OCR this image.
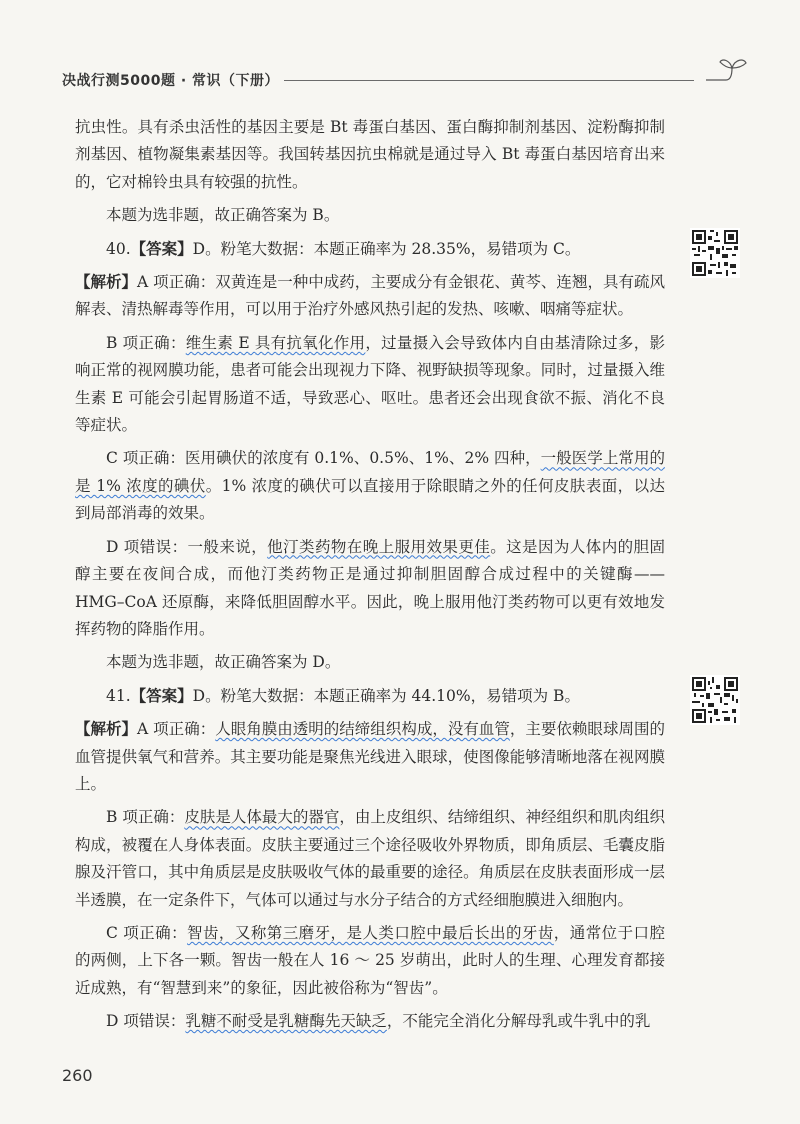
决战行测5000题 · 常识（下册）

抗虫性。具有杀虫活性的基因主要是 Bt 毒蛋白基因、蛋白酶抑制剂基因、淀粉酶抑制剂基因、植物凝集素基因等。我国转基因抗虫棉就是通过导入 Bt 毒蛋白基因培育出来的，它对棉铃虫具有较强的抗性。

本题为选非题，故正确答案为 B。

40.【答案】D。粉笔大数据：本题正确率为 28.35%，易错项为 C。

【解析】A 项正确：双黄连是一种中成药，主要成分有金银花、黄芩、连翘，具有疏风解表、清热解毒等作用，可以用于治疗外感风热引起的发热、咳嗽、咽痛等症状。

B 项正确：维生素 E 具有抗氧化作用，过量摄入会导致体内自由基清除过多，影响正常的视网膜功能，患者可能会出现视力下降、视野缺损等现象。同时，过量摄入维生素 E 可能会引起胃肠道不适，导致恶心、呕吐。患者还会出现食欲不振、消化不良等症状。

C 项正确：医用碘伏的浓度有 0.1%、0.5%、1%、2% 四种，一般医学上常用的是 1% 浓度的碘伏。1% 浓度的碘伏可以直接用于除眼睛之外的任何皮肤表面，以达到局部消毒的效果。

D 项错误：一般来说，他汀类药物在晚上服用效果更佳。这是因为人体内的胆固醇主要在夜间合成，而他汀类药物正是通过抑制胆固醇合成过程中的关键酶——HMG–CoA 还原酶，来降低胆固醇水平。因此，晚上服用他汀类药物可以更有效地发挥药物的降脂作用。

本题为选非题，故正确答案为 D。

41.【答案】D。粉笔大数据：本题正确率为 44.10%，易错项为 B。

【解析】A 项正确：人眼角膜由透明的结缔组织构成，没有血管，主要依赖眼球周围的血管提供氧气和营养。其主要功能是聚焦光线进入眼球，使图像能够清晰地落在视网膜上。

B 项正确：皮肤是人体最大的器官，由上皮组织、结缔组织、神经组织和肌肉组织构成，被覆在人身体表面。皮肤主要通过三个途径吸收外界物质，即角质层、毛囊皮脂腺及汗管口，其中角质层是皮肤吸收气体的最重要的途径。角质层在皮肤表面形成一层半透膜，在一定条件下，气体可以通过与水分子结合的方式经细胞膜进入细胞内。

C 项正确：智齿，又称第三磨牙，是人类口腔中最后长出的牙齿，通常位于口腔的两侧，上下各一颗。智齿一般在人 16 ～ 25 岁萌出，此时人的生理、心理发育都接近成熟，有“智慧到来”的象征，因此被俗称为“智齿”。

D 项错误：乳糖不耐受是乳糖酶先天缺乏，不能完全消化分解母乳或牛乳中的乳

260
